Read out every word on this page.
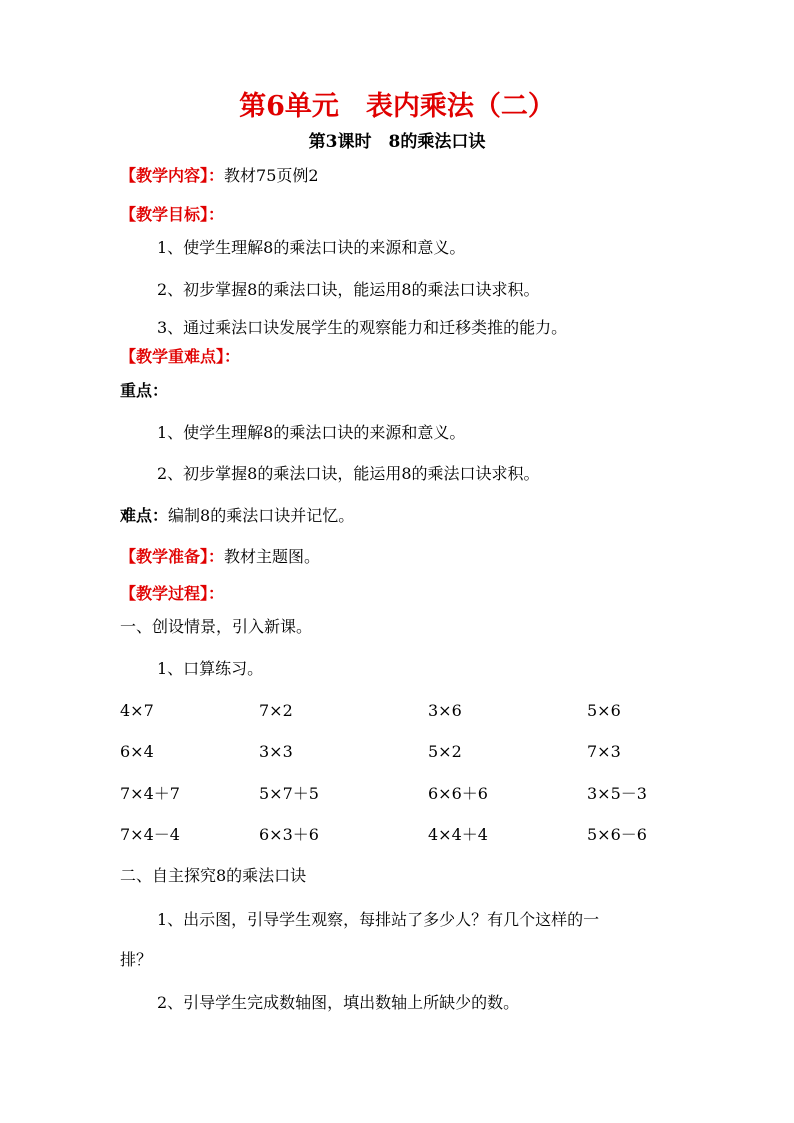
第6单元　表内乘法（二）
第3课时　8的乘法口诀
【教学内容】：教材75页例2
【教学目标】：
1、使学生理解8的乘法口诀的来源和意义。
2、初步掌握8的乘法口诀，能运用8的乘法口诀求积。
3、通过乘法口诀发展学生的观察能力和迁移类推的能力。
【教学重难点】：
重点：
1、使学生理解8的乘法口诀的来源和意义。
2、初步掌握8的乘法口诀，能运用8的乘法口诀求积。
难点：编制8的乘法口诀并记忆。
【教学准备】：教材主题图。
【教学过程】：
一、创设情景，引入新课。
1、口算练习。
4×7	7×2	3×6	5×6
6×4	3×3	5×2	7×3
7×4＋7	5×7＋5	6×6＋6	3×5－3
7×4－4	6×3＋6	4×4＋4	5×6－6
二、自主探究8的乘法口诀
1、出示图，引导学生观察，每排站了多少人？有几个这样的一
排？
2、引导学生完成数轴图，填出数轴上所缺少的数。
